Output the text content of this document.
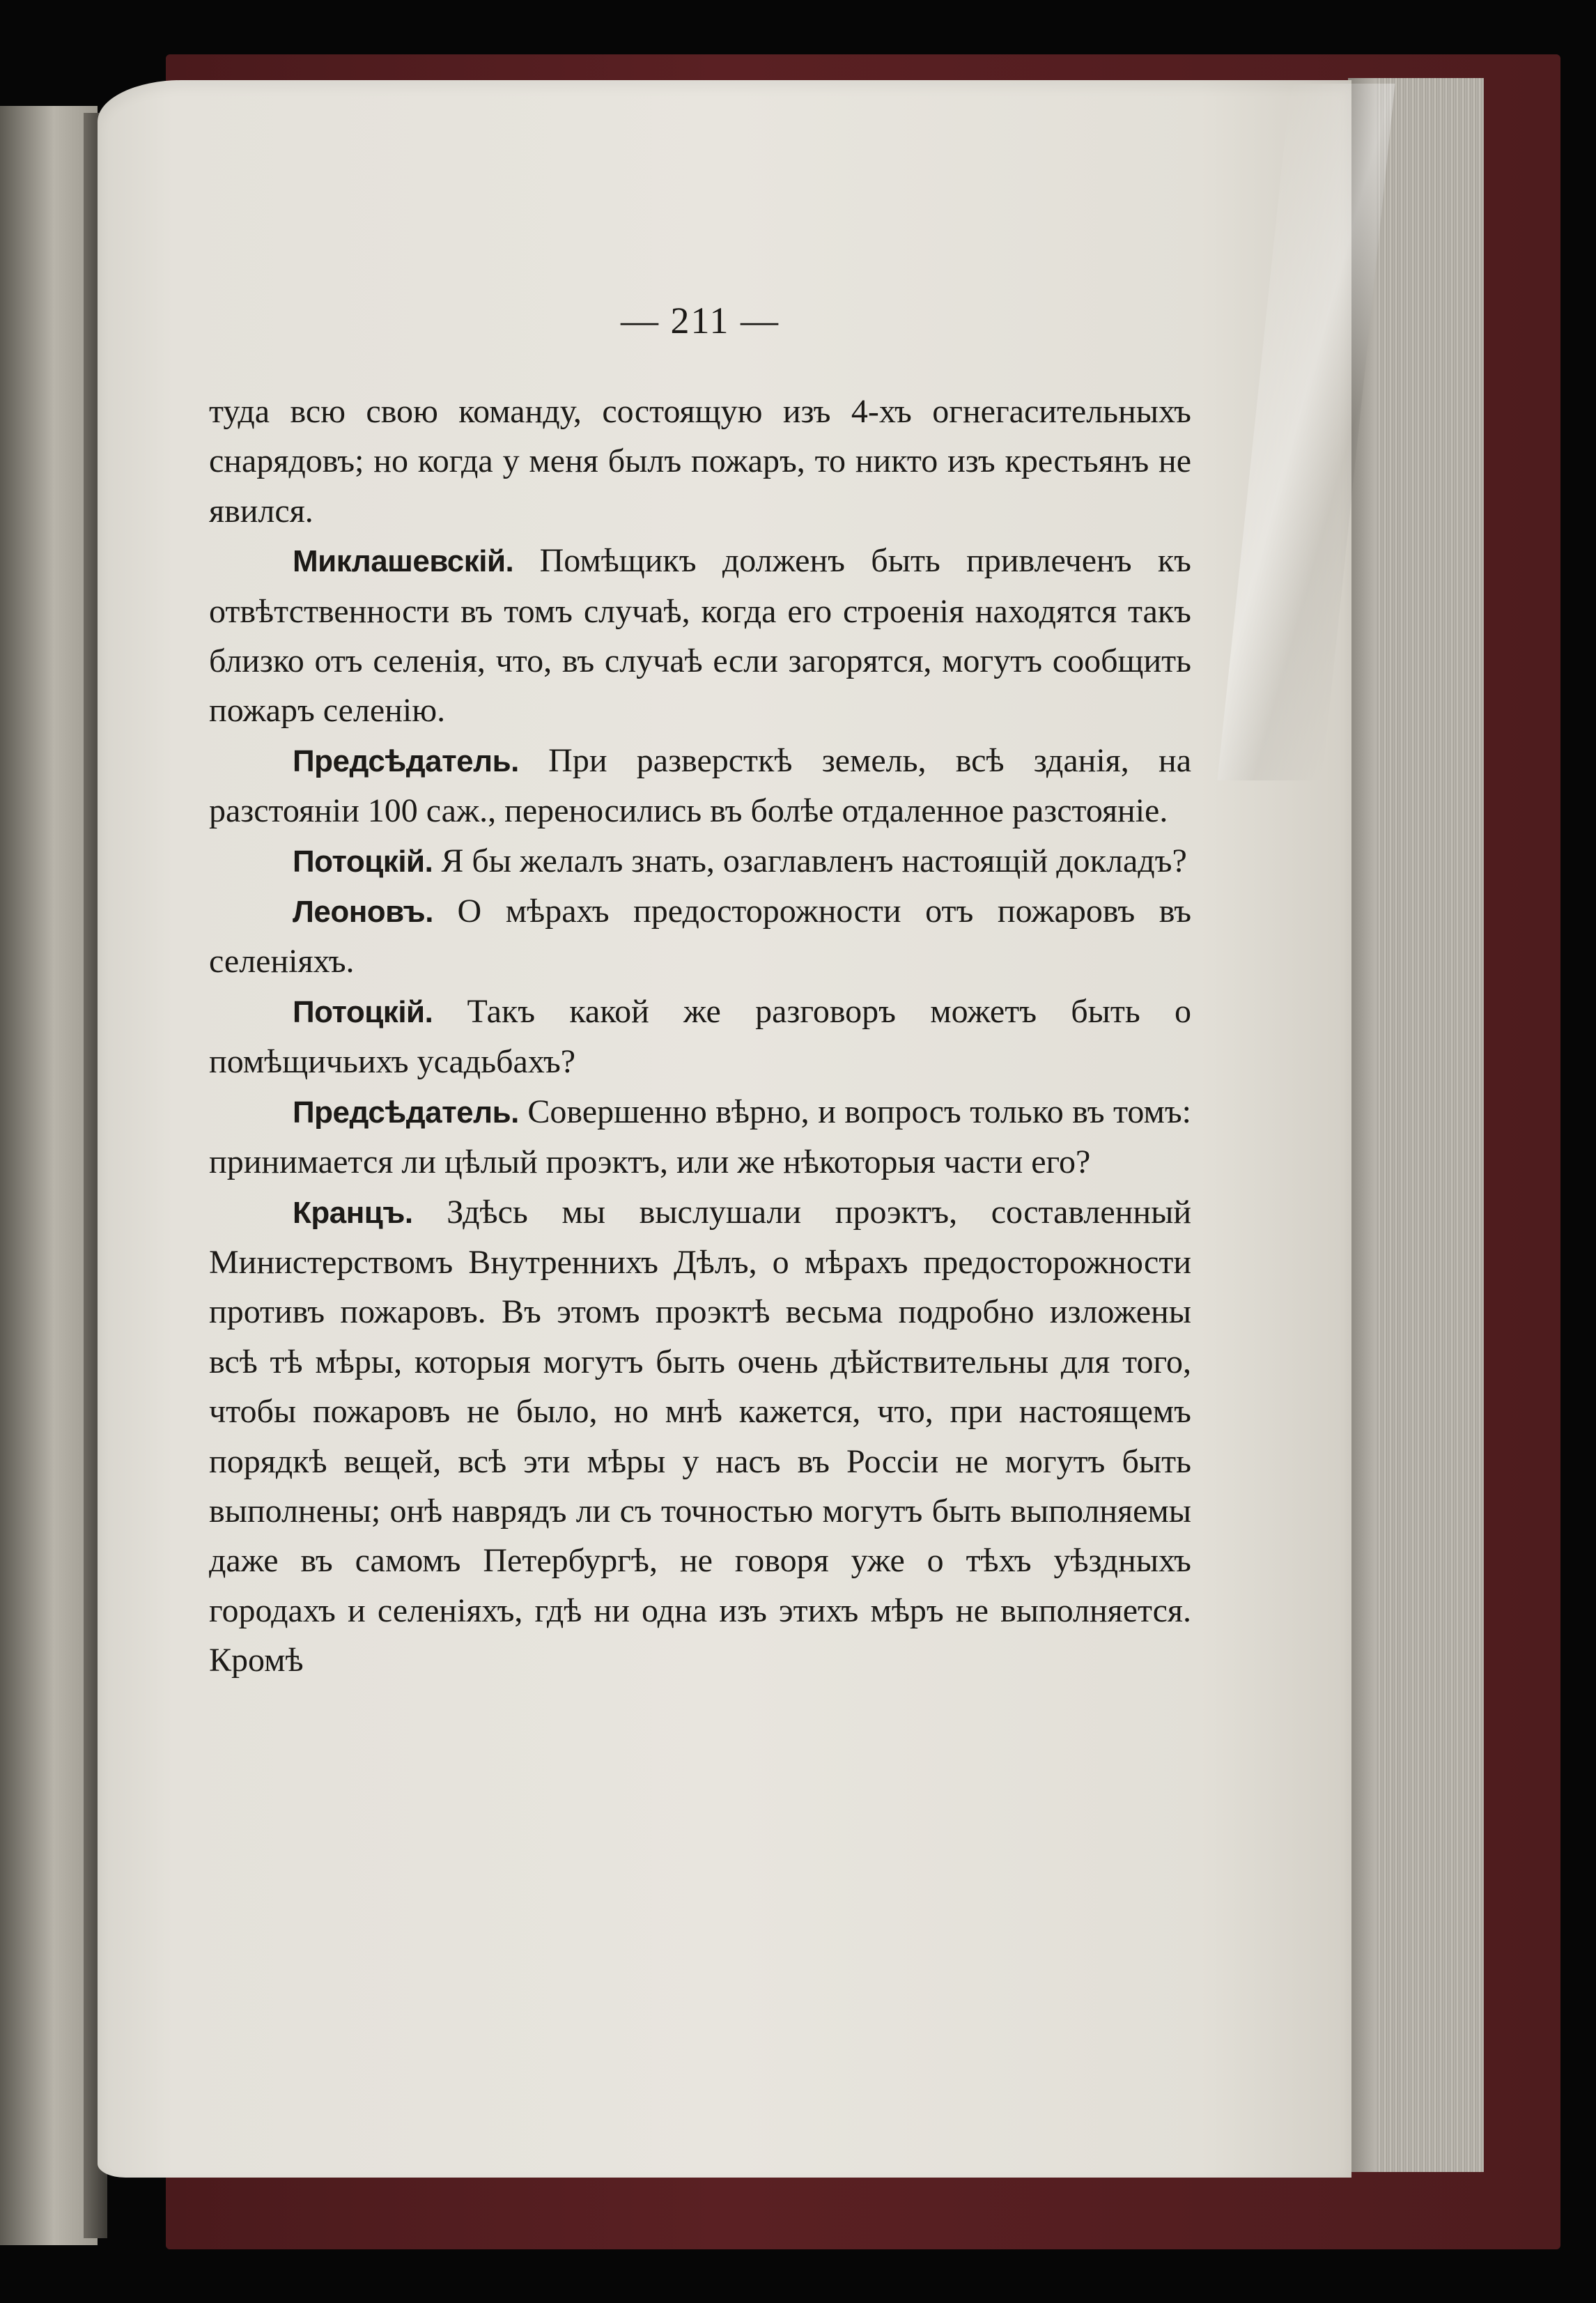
— 211 —

туда всю свою команду, состоящую изъ 4-хъ огнегасительныхъ снарядовъ; но когда у меня былъ пожаръ, то никто изъ крестьянъ не явился.

Миклашевскій. Помѣщикъ долженъ быть привлеченъ къ отвѣтственности въ томъ случаѣ, когда его строенія находятся такъ близко отъ селенія, что, въ случаѣ если загорятся, могутъ сообщить пожаръ селенію.

Предсѣдатель. При разверсткѣ земель, всѣ зданія, на разстояніи 100 саж., переносились въ болѣе отдаленное разстояніе.

Потоцкій. Я бы желалъ знать, озаглавленъ настоящій докладъ?

Леоновъ. О мѣрахъ предосторожности отъ пожаровъ въ селеніяхъ.

Потоцкій. Такъ какой же разговоръ можетъ быть о помѣщичьихъ усадьбахъ?

Предсѣдатель. Совершенно вѣрно, и вопросъ только въ томъ: принимается ли цѣлый проэктъ, или же нѣкоторыя части его?

Кранцъ. Здѣсь мы выслушали проэктъ, составленный Министерствомъ Внутреннихъ Дѣлъ, о мѣрахъ предосторожности противъ пожаровъ. Въ этомъ проэктѣ весьма подробно изложены всѣ тѣ мѣры, которыя могутъ быть очень дѣйствительны для того, чтобы пожаровъ не было, но мнѣ кажется, что, при настоящемъ порядкѣ вещей, всѣ эти мѣры у насъ въ Россіи не могутъ быть выполнены; онѣ наврядъ ли съ точностью могутъ быть выполняемы даже въ самомъ Петербургѣ, не говоря уже о тѣхъ уѣздныхъ городахъ и селеніяхъ, гдѣ ни одна изъ этихъ мѣръ не выполняется. Кромѣ
